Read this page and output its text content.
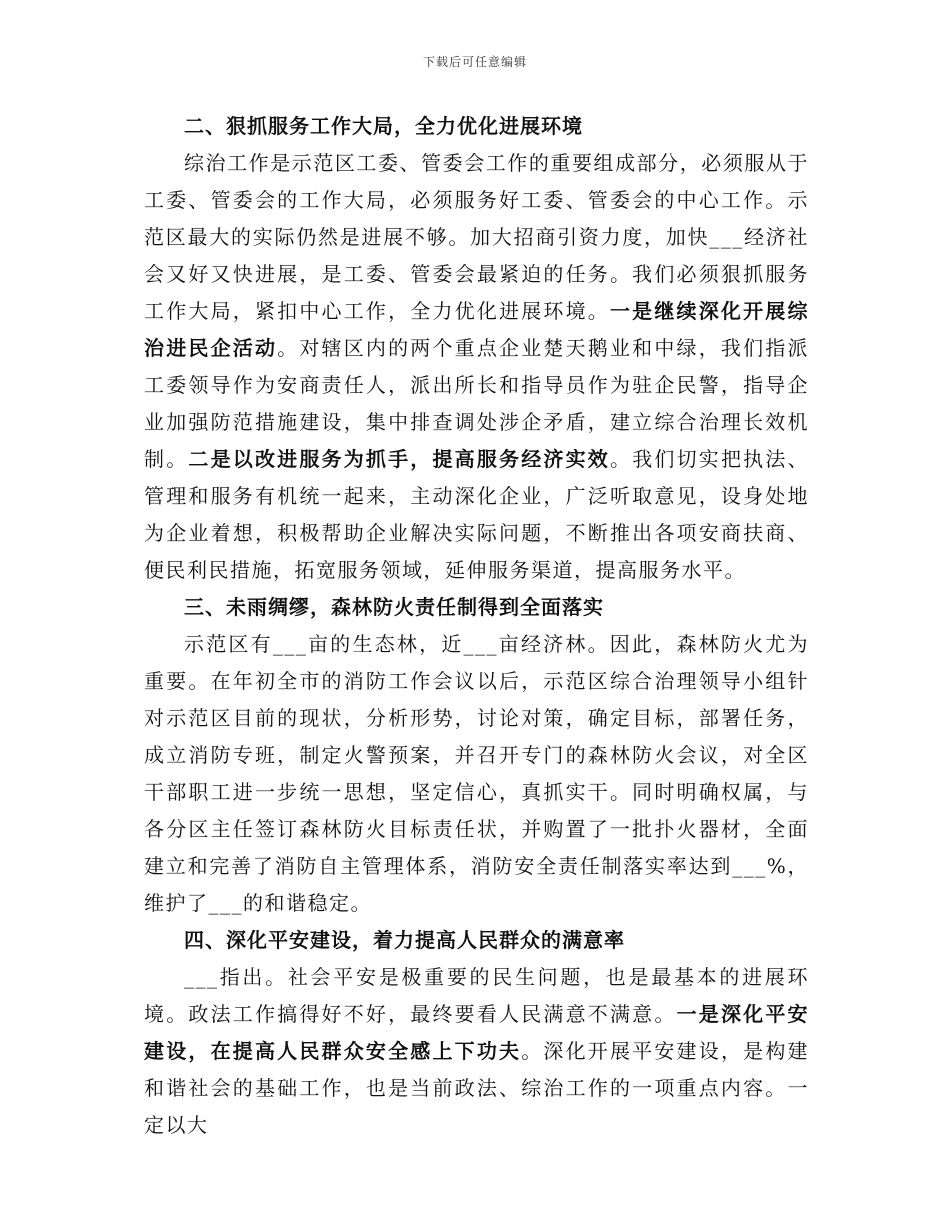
下载后可任意编辑

二、狠抓服务工作大局，全力优化进展环境

综治工作是示范区工委、管委会工作的重要组成部分，必须服从于工委、管委会的工作大局，必须服务好工委、管委会的中心工作。示范区最大的实际仍然是进展不够。加大招商引资力度，加快___经济社会又好又快进展，是工委、管委会最紧迫的任务。我们必须狠抓服务工作大局，紧扣中心工作，全力优化进展环境。一是继续深化开展综治进民企活动。对辖区内的两个重点企业楚天鹅业和中绿，我们指派工委领导作为安商责任人，派出所长和指导员作为驻企民警，指导企业加强防范措施建设，集中排查调处涉企矛盾，建立综合治理长效机制。二是以改进服务为抓手，提高服务经济实效。我们切实把执法、管理和服务有机统一起来，主动深化企业，广泛听取意见，设身处地为企业着想，积极帮助企业解决实际问题，不断推出各项安商扶商、便民利民措施，拓宽服务领域，延伸服务渠道，提高服务水平。

三、未雨绸缪，森林防火责任制得到全面落实

示范区有___亩的生态林，近___亩经济林。因此，森林防火尤为重要。在年初全市的消防工作会议以后，示范区综合治理领导小组针对示范区目前的现状，分析形势，讨论对策，确定目标，部署任务，成立消防专班，制定火警预案，并召开专门的森林防火会议，对全区干部职工进一步统一思想，坚定信心，真抓实干。同时明确权属，与各分区主任签订森林防火目标责任状，并购置了一批扑火器材，全面建立和完善了消防自主管理体系，消防安全责任制落实率达到___%，维护了___的和谐稳定。

四、深化平安建设，着力提高人民群众的满意率

___指出。社会平安是极重要的民生问题，也是最基本的进展环境。政法工作搞得好不好，最终要看人民满意不满意。一是深化平安建设，在提高人民群众安全感上下功夫。深化开展平安建设，是构建和谐社会的基础工作，也是当前政法、综治工作的一项重点内容。一定以大
